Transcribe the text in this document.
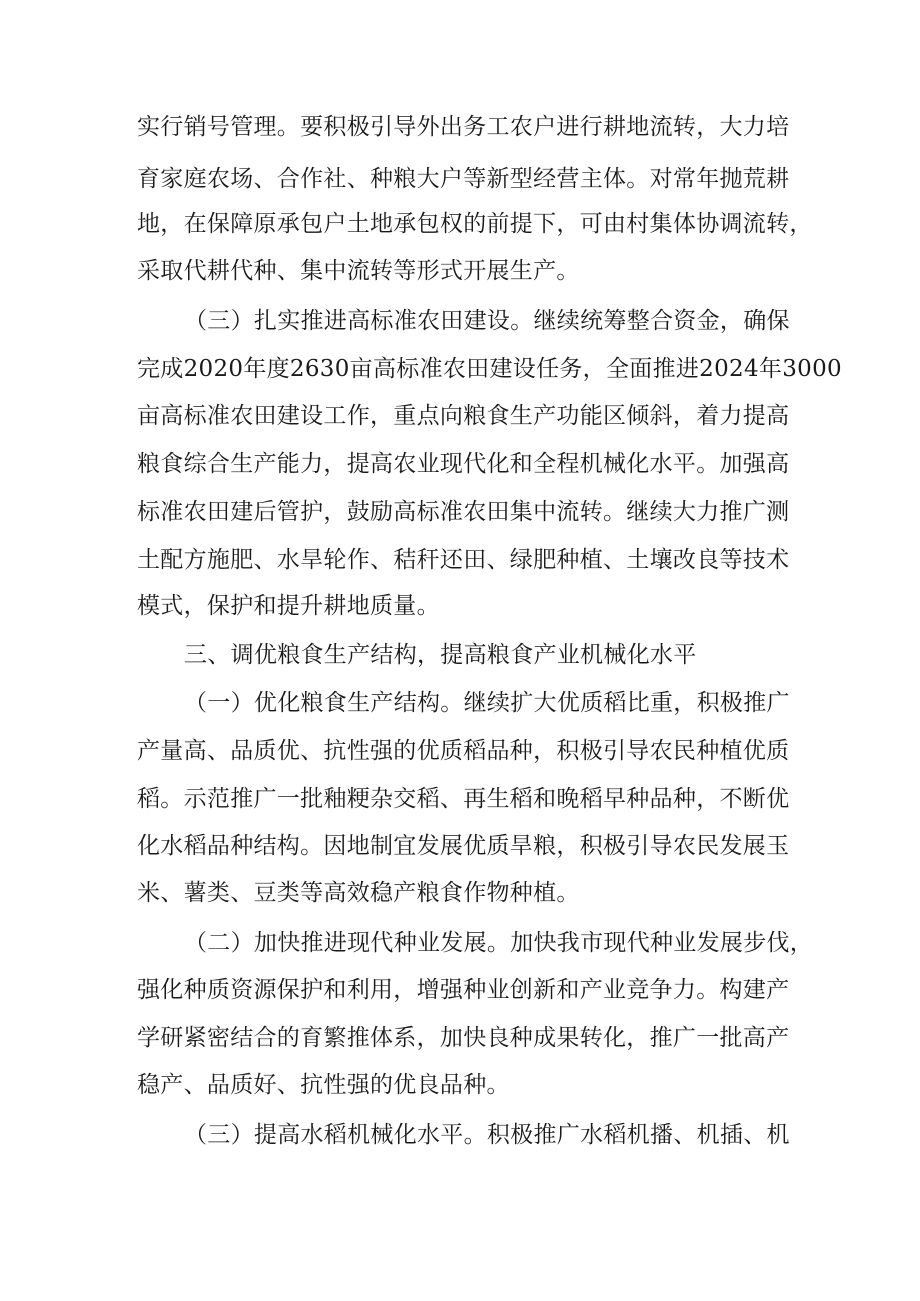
实行销号管理。要积极引导外出务工农户进行耕地流转，大力培
育家庭农场、合作社、种粮大户等新型经营主体。对常年抛荒耕
地，在保障原承包户土地承包权的前提下，可由村集体协调流转，
采取代耕代种、集中流转等形式开展生产。
（三）扎实推进高标准农田建设。继续统筹整合资金，确保
完成2020年度2630亩高标准农田建设任务，全面推进2024年3000
亩高标准农田建设工作，重点向粮食生产功能区倾斜，着力提高
粮食综合生产能力，提高农业现代化和全程机械化水平。加强高
标准农田建后管护，鼓励高标准农田集中流转。继续大力推广测
土配方施肥、水旱轮作、秸秆还田、绿肥种植、土壤改良等技术
模式，保护和提升耕地质量。
三、调优粮食生产结构，提高粮食产业机械化水平
（一）优化粮食生产结构。继续扩大优质稻比重，积极推广
产量高、品质优、抗性强的优质稻品种，积极引导农民种植优质
稻。示范推广一批釉粳杂交稻、再生稻和晚稻早种品种，不断优
化水稻品种结构。因地制宜发展优质旱粮，积极引导农民发展玉
米、薯类、豆类等高效稳产粮食作物种植。
（二）加快推进现代种业发展。加快我市现代种业发展步伐，
强化种质资源保护和利用，增强种业创新和产业竞争力。构建产
学研紧密结合的育繁推体系，加快良种成果转化，推广一批高产
稳产、品质好、抗性强的优良品种。
（三）提高水稻机械化水平。积极推广水稻机播、机插、机
